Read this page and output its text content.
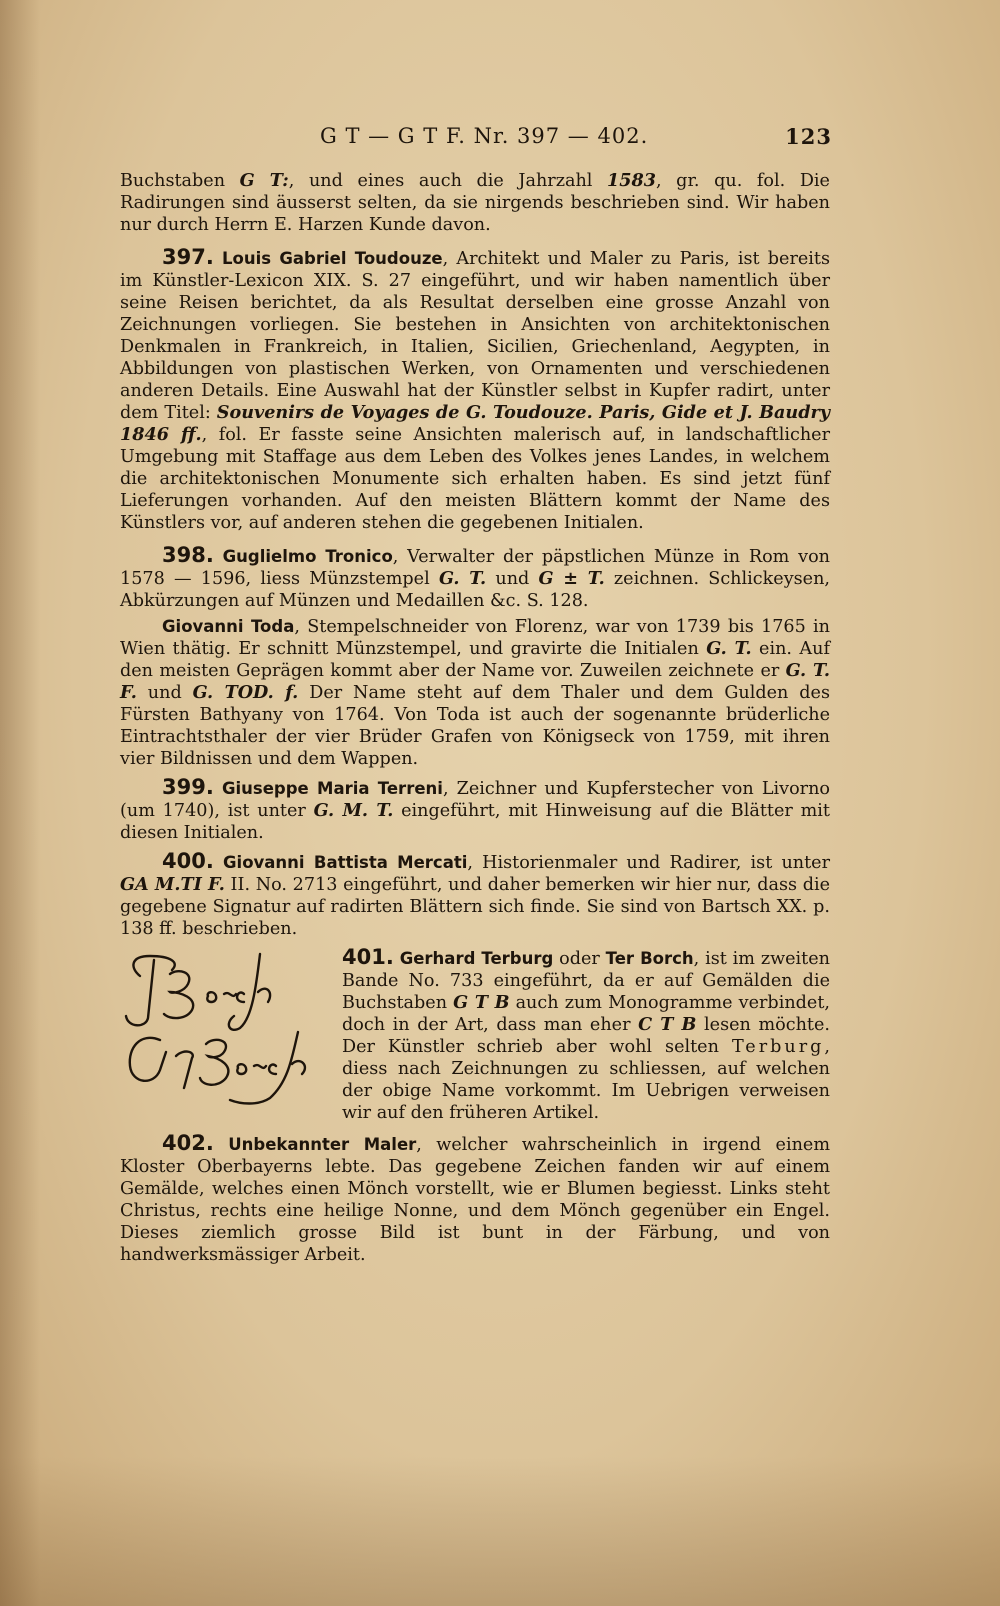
G T — G T F. Nr. 397 — 402.	123

Buchstaben G T:, und eines auch die Jahrzahl 1583, gr. qu. fol. Die Radirungen sind äusserst selten, da sie nirgends beschrieben sind. Wir haben nur durch Herrn E. Harzen Kunde davon.

397. Louis Gabriel Toudouze, Architekt und Maler zu Paris, ist bereits im Künstler-Lexicon XIX. S. 27 eingeführt, und wir haben namentlich über seine Reisen berichtet, da als Resultat derselben eine grosse Anzahl von Zeichnungen vorliegen. Sie bestehen in Ansichten von architektonischen Denkmalen in Frankreich, in Italien, Sicilien, Griechenland, Aegypten, in Abbildungen von plastischen Werken, von Ornamenten und verschiedenen anderen Details. Eine Auswahl hat der Künstler selbst in Kupfer radirt, unter dem Titel: Souvenirs de Voyages de G. Toudouze. Paris, Gide et J. Baudry 1846 ff., fol. Er fasste seine Ansichten malerisch auf, in landschaftlicher Umgebung mit Staffage aus dem Leben des Volkes jenes Landes, in welchem die architektonischen Monumente sich erhalten haben. Es sind jetzt fünf Lieferungen vorhanden. Auf den meisten Blättern kommt der Name des Künstlers vor, auf anderen stehen die gegebenen Initialen.

398. Guglielmo Tronico, Verwalter der päpstlichen Münze in Rom von 1578 — 1596, liess Münzstempel G. T. und G ± T. zeichnen. Schlickeysen, Abkürzungen auf Münzen und Medaillen &c. S. 128.

Giovanni Toda, Stempelschneider von Florenz, war von 1739 bis 1765 in Wien thätig. Er schnitt Münzstempel, und gravirte die Initialen G. T. ein. Auf den meisten Geprägen kommt aber der Name vor. Zuweilen zeichnete er G. T. F. und G. TOD. f. Der Name steht auf dem Thaler und dem Gulden des Fürsten Bathyany von 1764. Von Toda ist auch der sogenannte brüderliche Eintrachtsthaler der vier Brüder Grafen von Königseck von 1759, mit ihren vier Bildnissen und dem Wappen.

399. Giuseppe Maria Terreni, Zeichner und Kupferstecher von Livorno (um 1740), ist unter G. M. T. eingeführt, mit Hinweisung auf die Blätter mit diesen Initialen.

400. Giovanni Battista Mercati, Historienmaler und Radirer, ist unter GA M.TI F. II. No. 2713 eingeführt, und daher bemerken wir hier nur, dass die gegebene Signatur auf radirten Blättern sich finde. Sie sind von Bartsch XX. p. 138 ff. beschrieben.

401. Gerhard Terburg oder Ter Borch, ist im zweiten Bande No. 733 eingeführt, da er auf Gemälden die Buchstaben G T B auch zum Monogramme verbindet, doch in der Art, dass man eher C T B lesen möchte. Der Künstler schrieb aber wohl selten Terburg, diess nach Zeichnungen zu schliessen, auf welchen der obige Name vorkommt. Im Uebrigen verweisen wir auf den früheren Artikel.

402. Unbekannter Maler, welcher wahrscheinlich in irgend einem Kloster Oberbayerns lebte. Das gegebene Zeichen fanden wir auf einem Gemälde, welches einen Mönch vorstellt, wie er Blumen begiesst. Links steht Christus, rechts eine heilige Nonne, und dem Mönch gegenüber ein Engel. Dieses ziemlich grosse Bild ist bunt in der Färbung, und von handwerksmässiger Arbeit.
